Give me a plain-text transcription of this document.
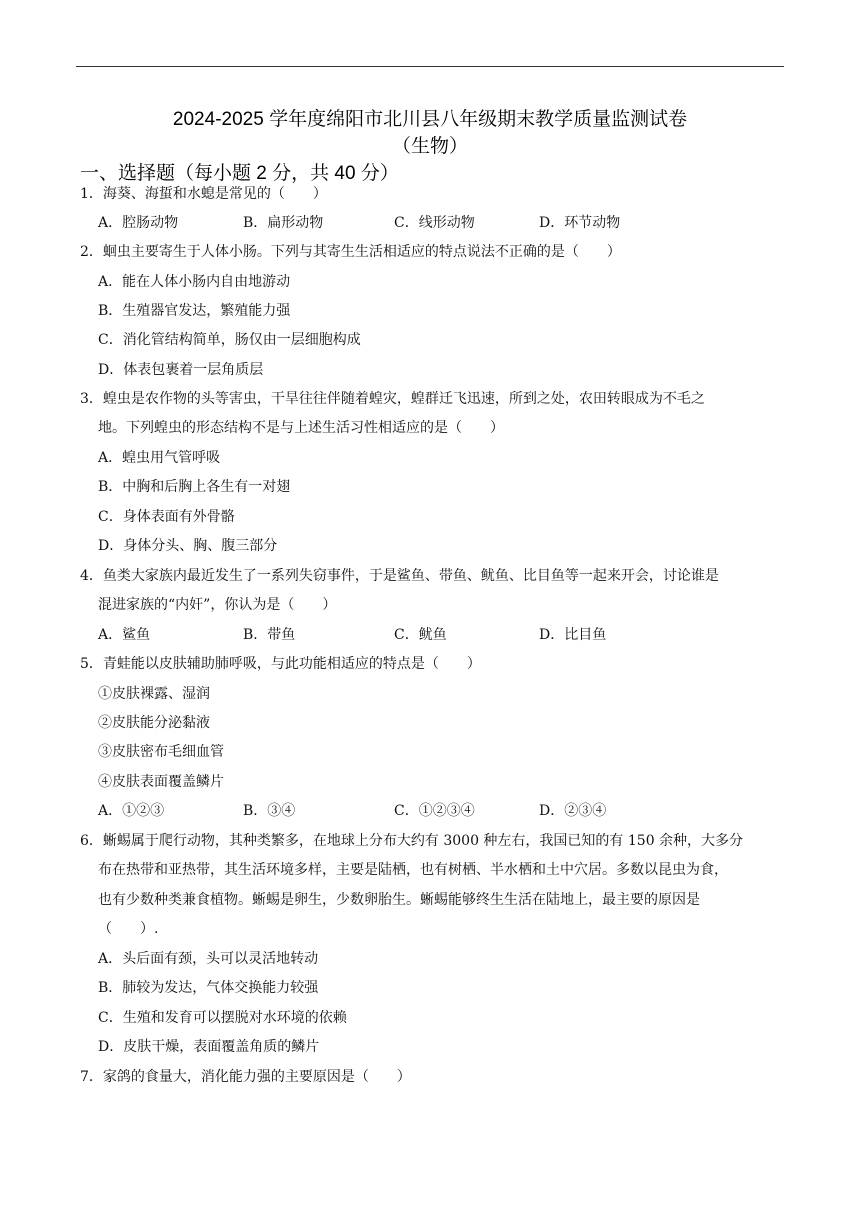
2024-2025 学年度绵阳市北川县八年级期末教学质量监测试卷
（生物）
一、选择题（每小题 2 分，共 40 分）
1．海葵、海蜇和水螅是常见的（　　）
A．腔肠动物	B．扁形动物	C．线形动物	D．环节动物
2．蛔虫主要寄生于人体小肠。下列与其寄生生活相适应的特点说法不正确的是（　　）
A．能在人体小肠内自由地游动
B．生殖器官发达，繁殖能力强
C．消化管结构简单，肠仅由一层细胞构成
D．体表包裹着一层角质层
3．蝗虫是农作物的头等害虫，干旱往往伴随着蝗灾，蝗群迁飞迅速，所到之处，农田转眼成为不毛之
地。下列蝗虫的形态结构不是与上述生活习性相适应的是（　　）
A．蝗虫用气管呼吸
B．中胸和后胸上各生有一对翅
C．身体表面有外骨骼
D．身体分头、胸、腹三部分
4．鱼类大家族内最近发生了一系列失窃事件，于是鲨鱼、带鱼、鱿鱼、比目鱼等一起来开会，讨论谁是
混进家族的“内奸”，你认为是（　　）
A．鲨鱼	B．带鱼	C．鱿鱼	D．比目鱼
5．青蛙能以皮肤辅助肺呼吸，与此功能相适应的特点是（　　）
①皮肤裸露、湿润
②皮肤能分泌黏液
③皮肤密布毛细血管
④皮肤表面覆盖鳞片
A．①②③	B．③④	C．①②③④	D．②③④
6．蜥蜴属于爬行动物，其种类繁多，在地球上分布大约有 3000 种左右，我国已知的有 150 余种，大多分
布在热带和亚热带，其生活环境多样，主要是陆栖，也有树栖、半水栖和土中穴居。多数以昆虫为食，
也有少数种类兼食植物。蜥蜴是卵生，少数卵胎生。蜥蜴能够终生生活在陆地上，最主要的原因是
（　　）.
A．头后面有颈，头可以灵活地转动
B．肺较为发达，气体交换能力较强
C．生殖和发育可以摆脱对水环境的依赖
D．皮肤干燥，表面覆盖角质的鳞片
7．家鸽的食量大，消化能力强的主要原因是（　　）
